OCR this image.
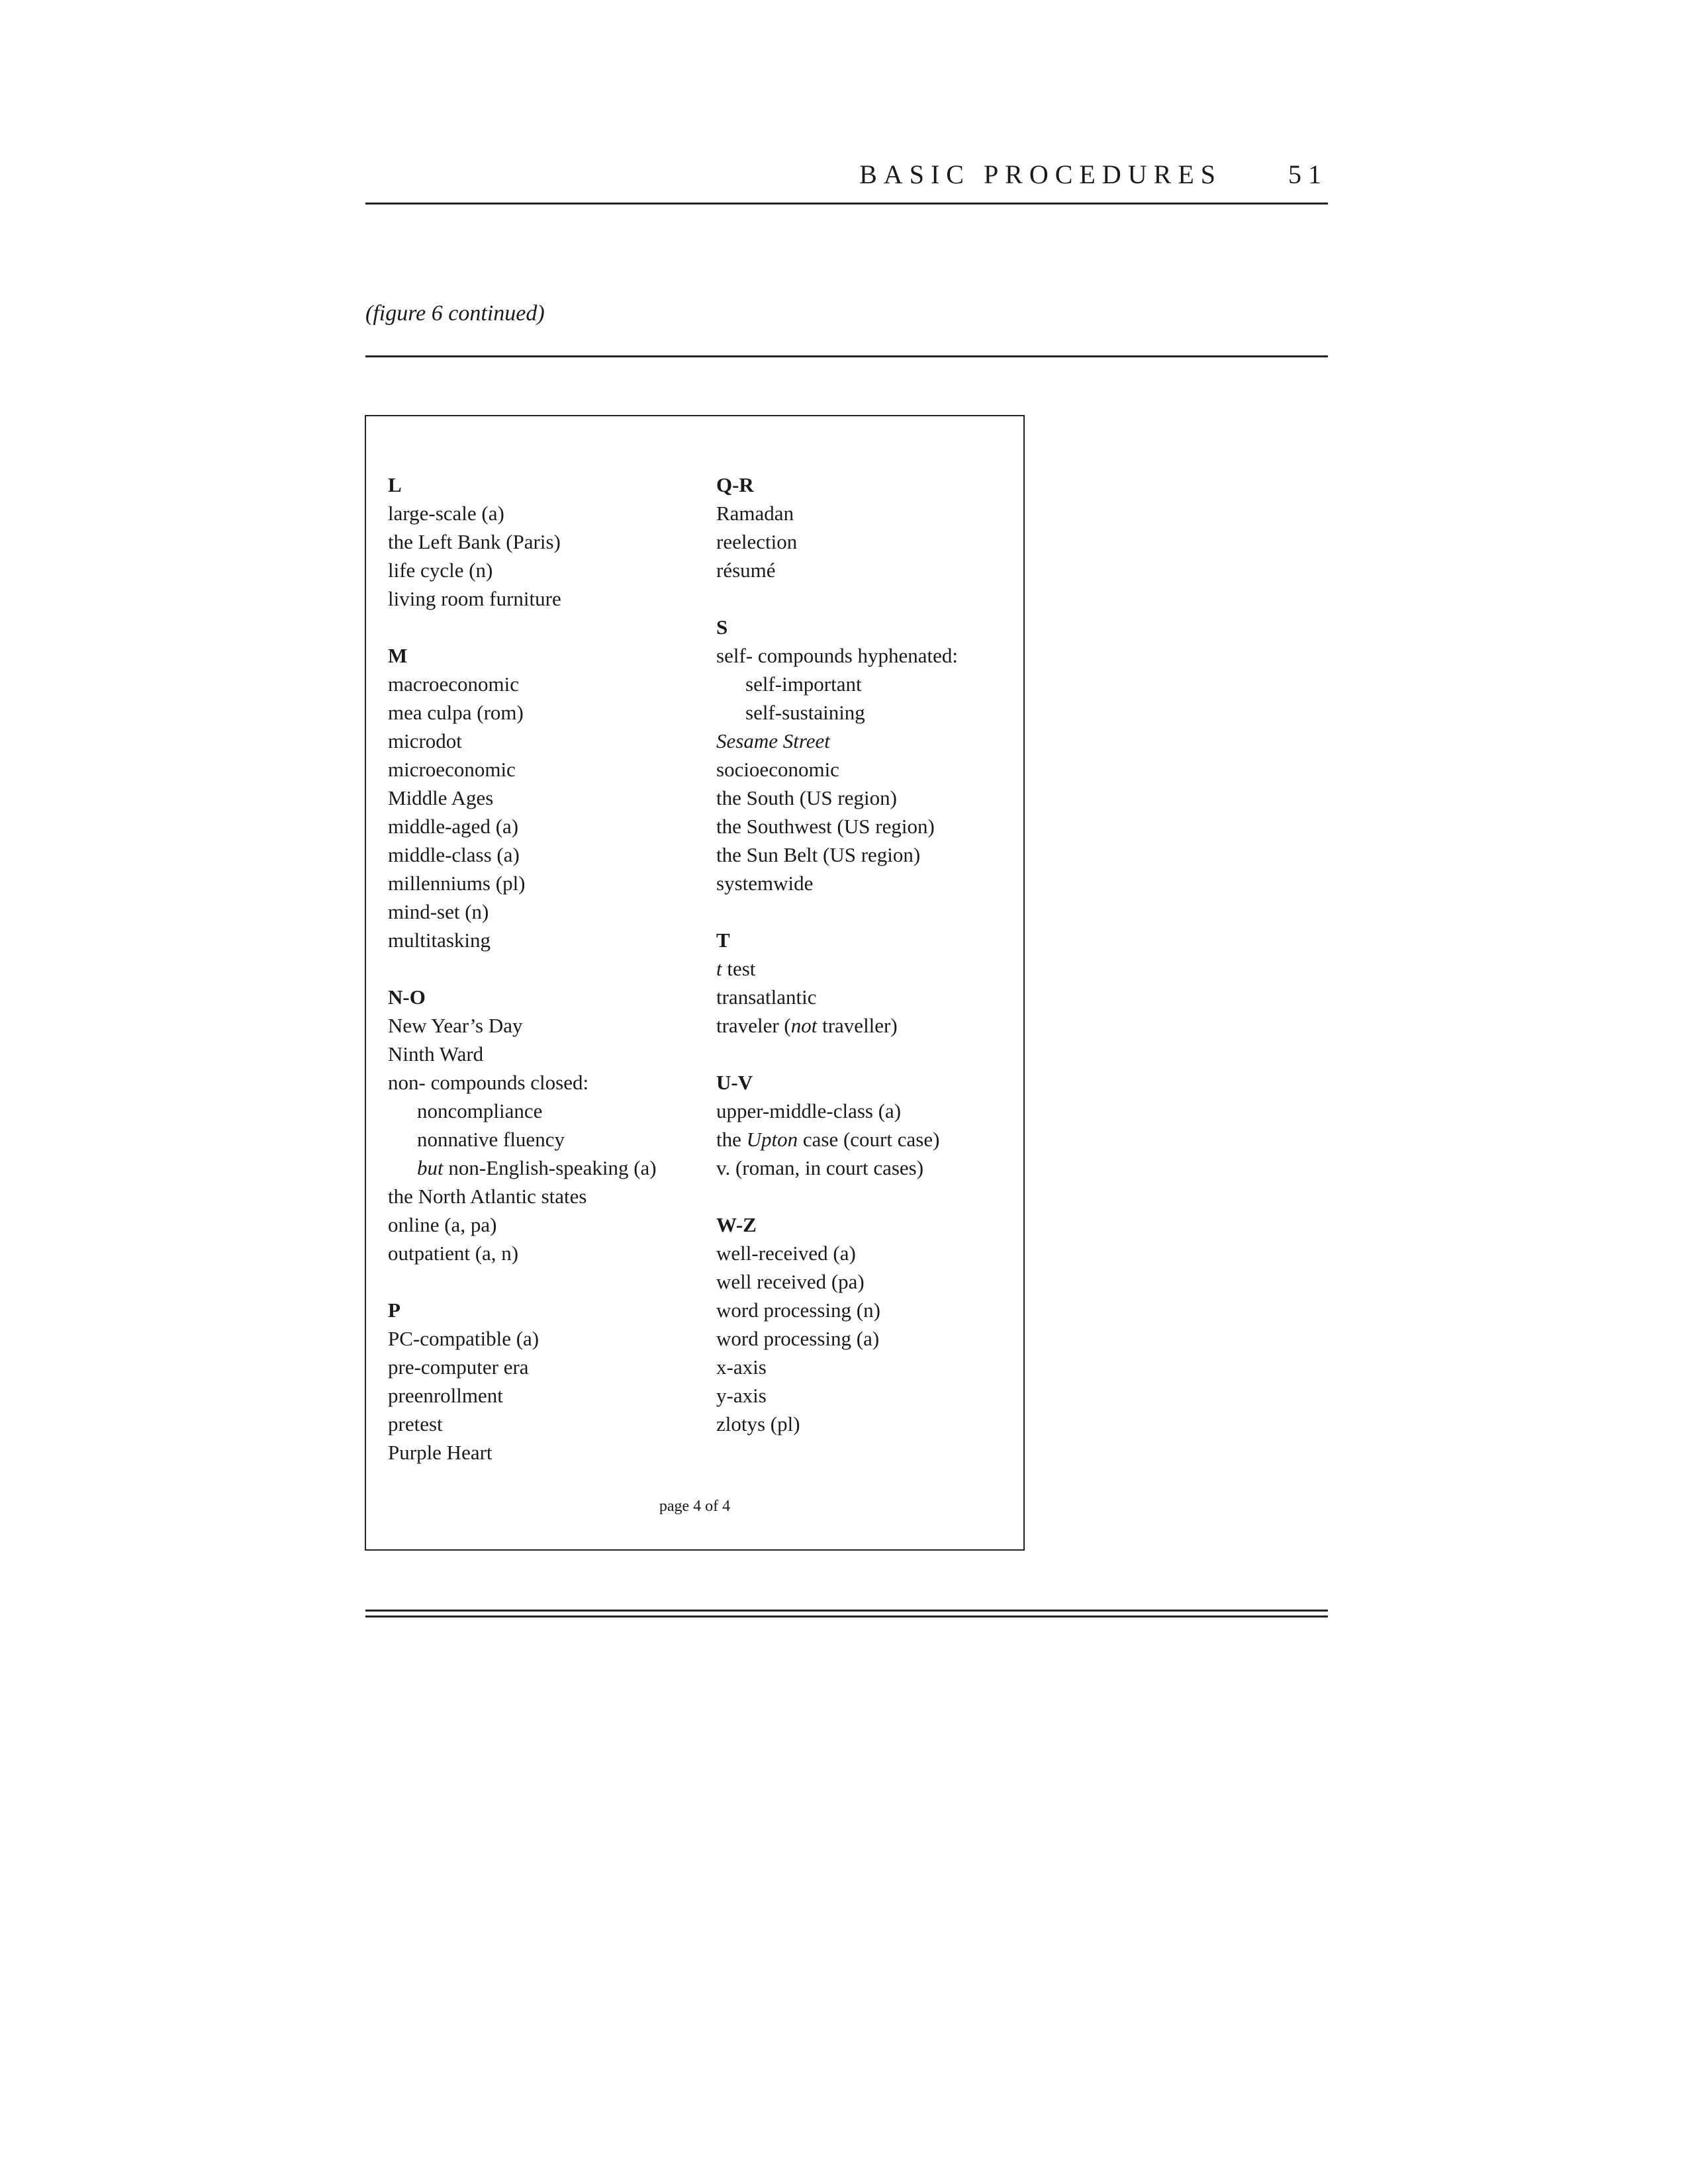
BASIC PROCEDURES	51
(figure 6 continued)
L
large-scale (a)
the Left Bank (Paris)
life cycle (n)
living room furniture
M
macroeconomic
mea culpa (rom)
microdot
microeconomic
Middle Ages
middle-aged (a)
middle-class (a)
millenniums (pl)
mind-set (n)
multitasking
N-O
New Year’s Day
Ninth Ward
non- compounds closed:
noncompliance
nonnative fluency
but non-English-speaking (a)
the North Atlantic states
online (a, pa)
outpatient (a, n)
P
PC-compatible (a)
pre-computer era
preenrollment
pretest
Purple Heart
Q-R
Ramadan
reelection
résumé
S
self- compounds hyphenated:
self-important
self-sustaining
Sesame Street
socioeconomic
the South (US region)
the Southwest (US region)
the Sun Belt (US region)
systemwide
T
t test
transatlantic
traveler (not traveller)
U-V
upper-middle-class (a)
the Upton case (court case)
v. (roman, in court cases)
W-Z
well-received (a)
well received (pa)
word processing (n)
word processing (a)
x-axis
y-axis
zlotys (pl)
page 4 of 4
